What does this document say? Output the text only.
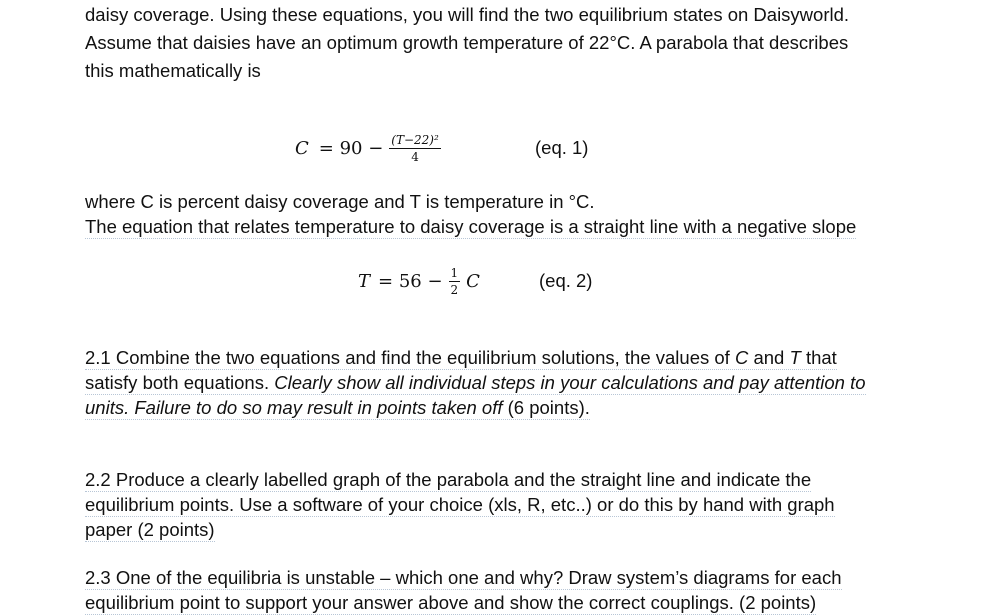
daisy coverage. Using these equations, you will find the two equilibrium states on Daisyworld.
Assume that daisies have an optimum growth temperature of 22°C. A parabola that describes
this mathematically is
$C = 90 - \frac{\text{(T−22)²}}{4}$	(eq. 1)
where C is percent daisy coverage and T is temperature in °C.
The equation that relates temperature to daisy coverage is a straight line with a negative slope
$T = 56 - \frac{1}{2}$ C	(eq. 2)
2.1 Combine the two equations and find the equilibrium solutions, the values of C and T that
satisfy both equations. Clearly show all individual steps in your calculations and pay attention to
units. Failure to do so may result in points taken off (6 points).
2.2 Produce a clearly labelled graph of the parabola and the straight line and indicate the
equilibrium points. Use a software of your choice (xls, R, etc..) or do this by hand with graph
paper (2 points)
2.3 One of the equilibria is unstable – which one and why? Draw system’s diagrams for each
equilibrium point to support your answer above and show the correct couplings. (2 points)
